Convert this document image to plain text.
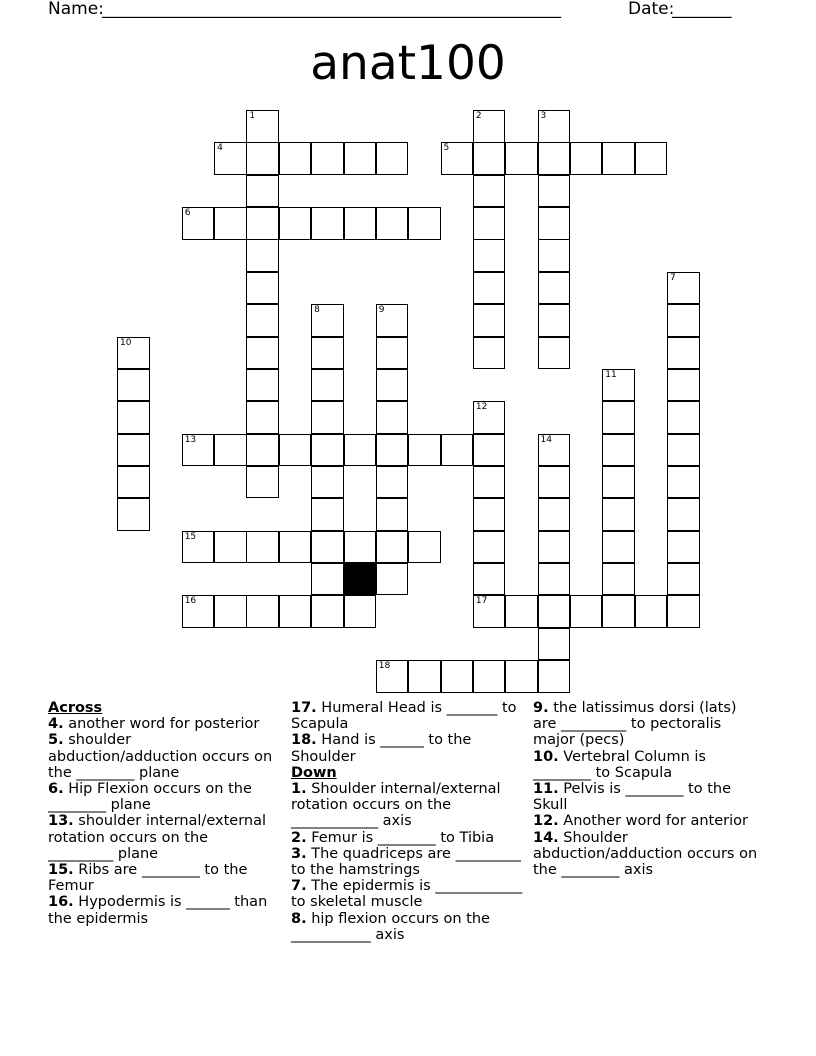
Name:
______________________________________________________	Date:
_______
anat100
4	5
6
13
15
16	17
18
1	2	3
7
8	9
10
11
12
14
Across
4. another word for posterior
5. shoulder abduction/adduction occurs on the ________ plane
6. Hip Flexion occurs on the ________ plane
13. shoulder internal/external rotation occurs on the _________ plane
15. Ribs are ________ to the Femur
16. Hypodermis is ______ than the epidermis
17. Humeral Head is _______ to Scapula
18. Hand is ______ to the Shoulder
Down
1. Shoulder internal/external rotation occurs on the ____________ axis
2. Femur is ________ to Tibia
3. The quadriceps are _________ to the hamstrings
7. The epidermis is ____________ to skeletal muscle
8. hip flexion occurs on the ___________ axis
9. the latissimus dorsi (lats) are _________ to pectoralis major (pecs)
10. Vertebral Column is ________ to Scapula
11. Pelvis is ________ to the Skull
12. Another word for anterior
14. Shoulder abduction/adduction occurs on the ________ axis
